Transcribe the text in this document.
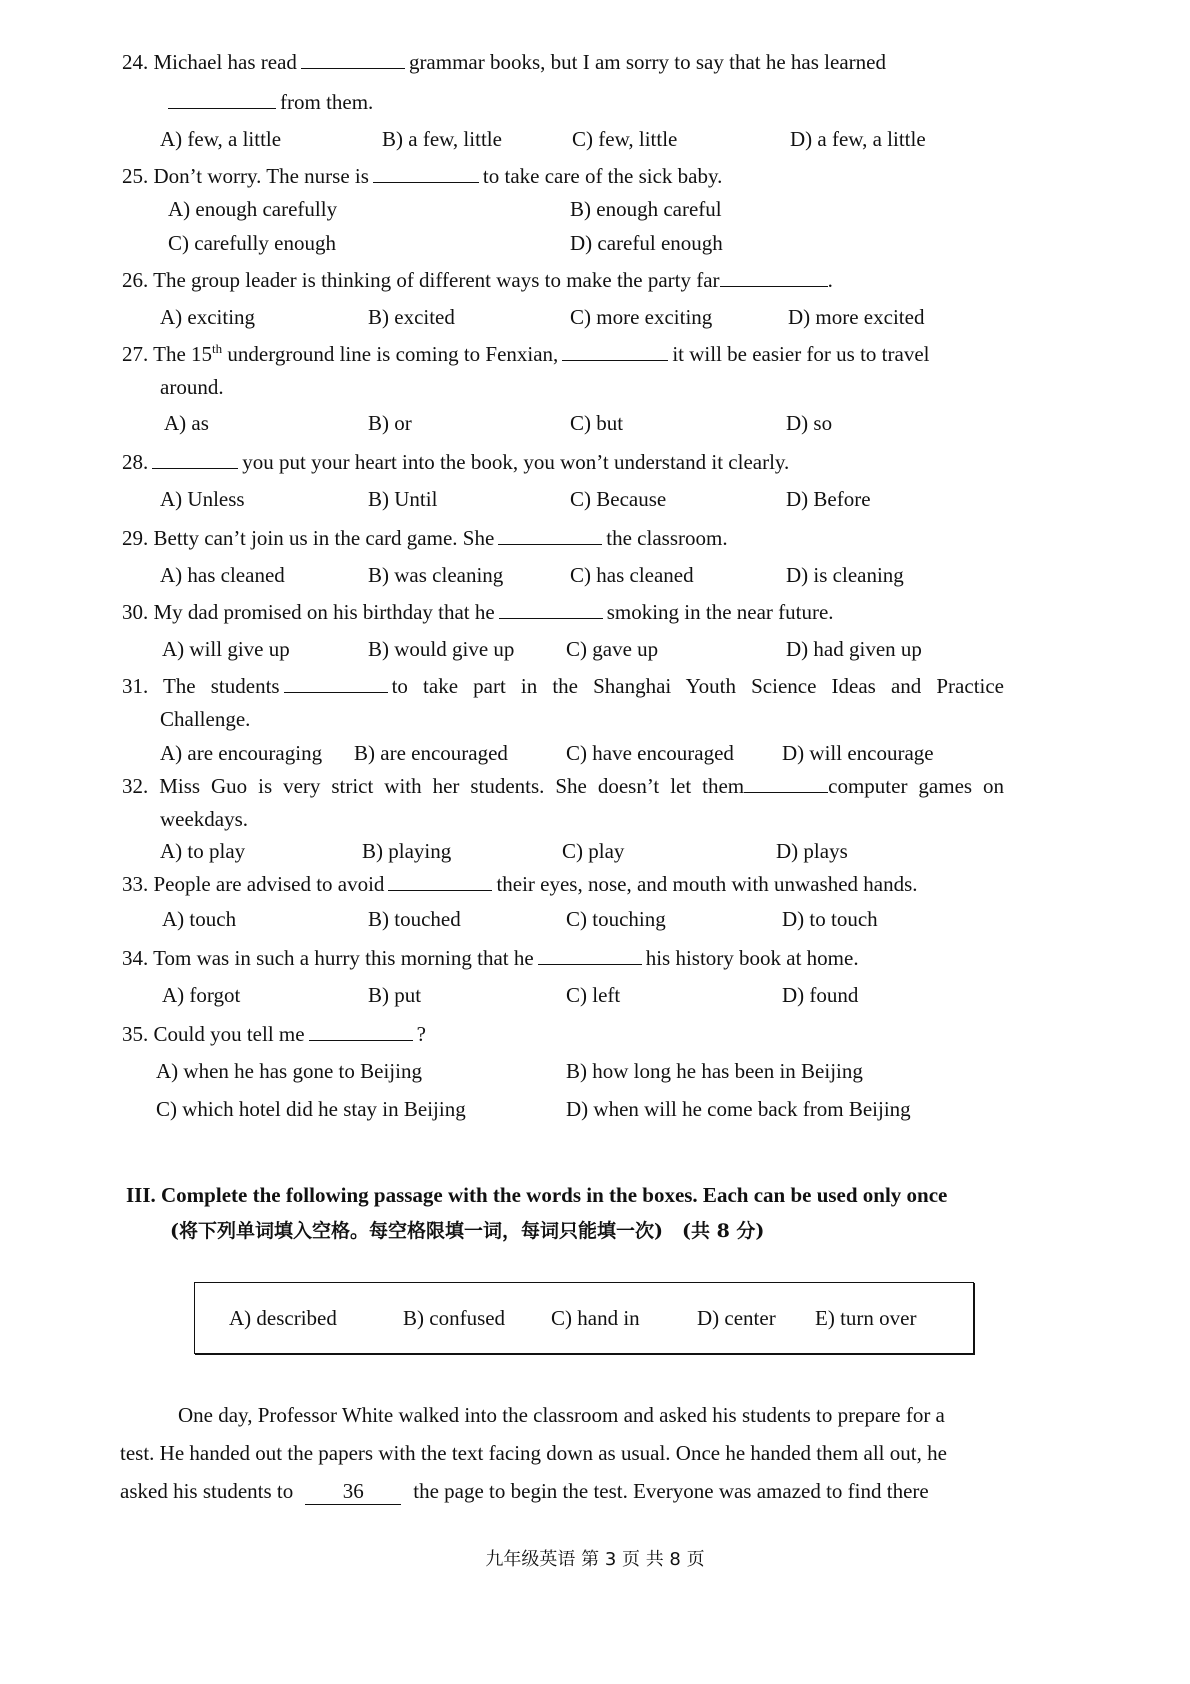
24. Michael has read	grammar books, but I am sorry to say that he has learned
from them.
A) few, a little	B) a few, little	C) few, little	D) a few, a little
25. Don’t worry. The nurse is	to take care of the sick baby.
A) enough carefully	B) enough careful
C) carefully enough	D) careful enough
26. The group leader is thinking of different ways to make the party far	.
A) exciting	B) excited	C) more exciting	D) more excited
27. The 15th underground line is coming to Fenxian,	it will be easier for us to travel
around.
A) as	B) or	C) but	D) so
28.	you put your heart into the book, you won’t understand it clearly.
A) Unless	B) Until	C) Because	D) Before
29. Betty can’t join us in the card game. She	the classroom.
A) has cleaned	B) was cleaning	C) has cleaned	D) is cleaning
30. My dad promised on his birthday that he	smoking in the near future.
A) will give up	B) would give up C) gave up	D) had given up
31. The students	to take part in the Shanghai Youth Science Ideas and Practice
Challenge.
A) are encouraging B) are encouraged	C) have encouraged D) will encourage
32. Miss Guo is very strict with her students. She doesn’t let them	computer games on
weekdays.
A) to play	B) playing	C) play	D) plays
33. People are advised to avoid	their eyes, nose, and mouth with unwashed hands.
A) touch	B) touched	C) touching	D) to touch
34. Tom was in such a hurry this morning that he	his history book at home.
A) forgot	B) put	C) left	D) found
35. Could you tell me	?
A) when he has gone to Beijing	B) how long he has been in Beijing
C) which hotel did he stay in Beijing	D) when will he come back from Beijing
III. Complete the following passage with the words in the boxes. Each can be used only once
(将下列单词填入空格。每空格限填一词，每词只能填一次)　(共 8 分)
A) described	B) confused C) hand in	D) center E) turn over
One day, Professor White walked into the classroom and asked his students to prepare for a
test. He handed out the papers with the text facing down as usual. Once he handed them all out, he
asked his students to 36 the page to begin the test. Everyone was amazed to find there
九年级英语 第 3 页 共 8 页
